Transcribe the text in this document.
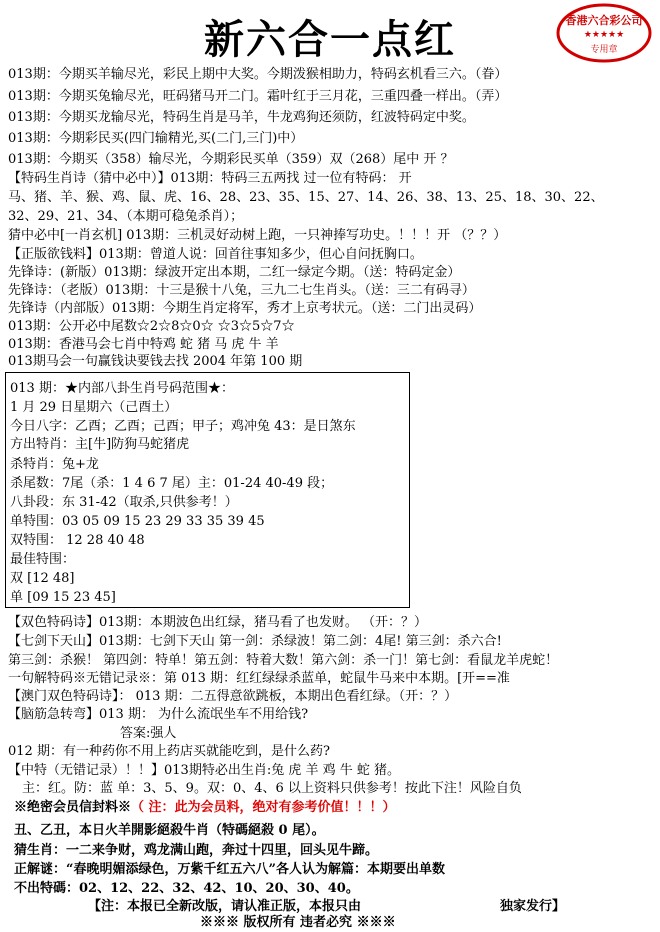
新六合一点红	香港六合彩公司
★★★★★
专用章
013期：今期买羊输尽光，彩民上期中大奖。今期泼猴相助力，特码玄机看三六。（眷）
013期：今期买兔输尽光，旺码猪马开二门。霜叶红于三月花，三重四叠一样出。（弄）
013期：今期买龙输尽光，特码生肖是马羊，牛龙鸡狗还须防，红波特码定中奖。
013期：今期彩民买(四门输精光,买(二门,三门)中）
013期：今期买（358）输尽光，今期彩民买单（359）双（268）尾中 开 ？
【特码生肖诗（猜中必中）】013期：特码三五两找 过一位有特码： 开
马、猪、羊、猴、鸡、鼠、虎、16、28、23、35、15、27、14、26、38、13、25、18、30、22、
32、29、21、34、（本期可稳兔杀肖）；
猜中必中[一肖玄机] 013期：三机灵好动树上跑，一只神捧写功史。！！！开 （？？）
【正版欲钱料】013期：曾道人说：回首往事知多少，但心自问抚胸口。
先锋诗：(新版）013期：绿波开定出本期，二红一绿定今期。（送：特码定金）
先锋诗：（老版）013期：十三是猴十八兔，三九二七生肖头。（送：三二有码寻）
先锋诗（内部版）013期：今期生肖定将军，秀才上京考状元。（送：二门出灵码）
013期：公开必中尾数☆2☆8☆0☆ ☆3☆5☆7☆
013期：香港马会七肖中特鸡 蛇 猪 马 虎 牛 羊
013期马会一句赢钱诀要钱去找 2004 年第 100 期
013 期：★内部八卦生肖号码范围★：
1 月 29 日星期六（己酉土）
今日八字：乙酉；乙酉；己酉；甲子；鸡冲兔 43：是日煞东
方出特肖：主[牛]防狗马蛇猪虎
杀特肖：兔+龙
杀尾数：7尾（杀：1 4 6 7 尾）主：01-24 40-49 段；
八卦段：东 31-42（取杀,只供参考！）
单特围：03 05 09 15 23 29 33 35 39 45
双特围： 12 28 40 48
最佳特围：
双 [12 48]
单 [09 15 23 45]
【双色特码诗】013期：本期波色出红绿，猪马看了也发财。 （开：？）
【七剑下天山】013期：七剑下天山 第一剑：杀绿波！第二剑：4尾! 第三剑：杀六合!
第三剑：杀猴！ 第四剑：特单！第五剑：特着大数！第六剑：杀一门！第七剑：看鼠龙羊虎蛇！
一句解特码※无错记录※：第 013 期：红红绿绿杀蓝单，蛇鼠牛马来中本期。[开==准
【澳门双色特码诗】： 013 期：二五得意欲跳板，本期出色看红绿。（开：？）
【脑筋急转弯】013 期： 为什么流氓坐车不用给钱?
答案:强人
012 期：有一种药你不用上药店买就能吃到，是什么药?
【中特（无错记录）！！】013期特必出生肖:兔 虎 羊 鸡 牛 蛇 猪。
主：红。防：蓝 单：3、5、9。双：0、4、6 以上资料只供参考！按此下注！风险自负
※绝密会员信封料※（ 注：此为会员料，绝对有参考价值！！！）
丑、乙丑，本日火羊開影絕殺牛肖（特碼絕殺 0 尾）。
猜生肖：一二来争财，鸡龙满山跑，奔过十四里，回头见牛蹄。
正解谜：“春晚明媚添绿色，万紫千红五六八”各人认为解篇：本期要出单数
不出特碼：02、12、22、32、42、10、20、30、40。
【注：本报已全新改版，请认准正版，本报只由	独家发行】
※※※ 版权所有 违者必究 ※※※
